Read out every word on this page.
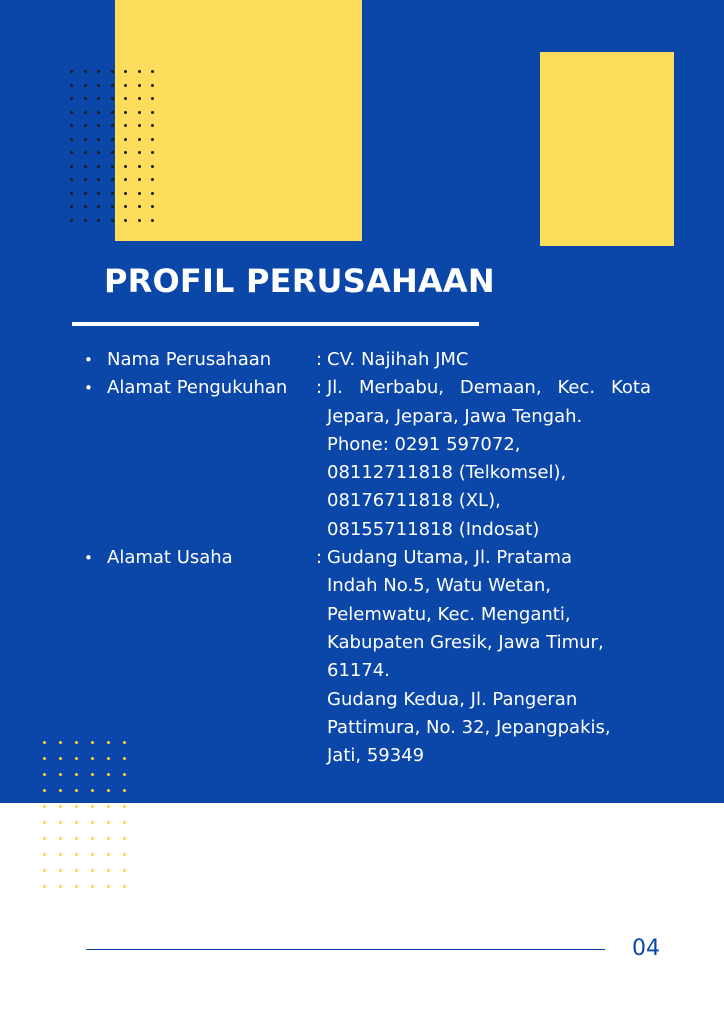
PROFIL PERUSAHAAN
• Nama Perusahaan : CV. Najihah JMC
• Alamat Pengukuhan : Jl. Merbabu, Demaan, Kec. Kota
Jepara, Jepara, Jawa Tengah.
Phone: 0291 597072,
08112711818 (Telkomsel),
08176711818 (XL),
08155711818 (Indosat)
• Alamat Usaha	: Gudang Utama, Jl. Pratama
Indah No.5, Watu Wetan,
Pelemwatu, Kec. Menganti,
Kabupaten Gresik, Jawa Timur,
61174.
Gudang Kedua, Jl. Pangeran
Pattimura, No. 32, Jepangpakis,
Jati, 59349
04
